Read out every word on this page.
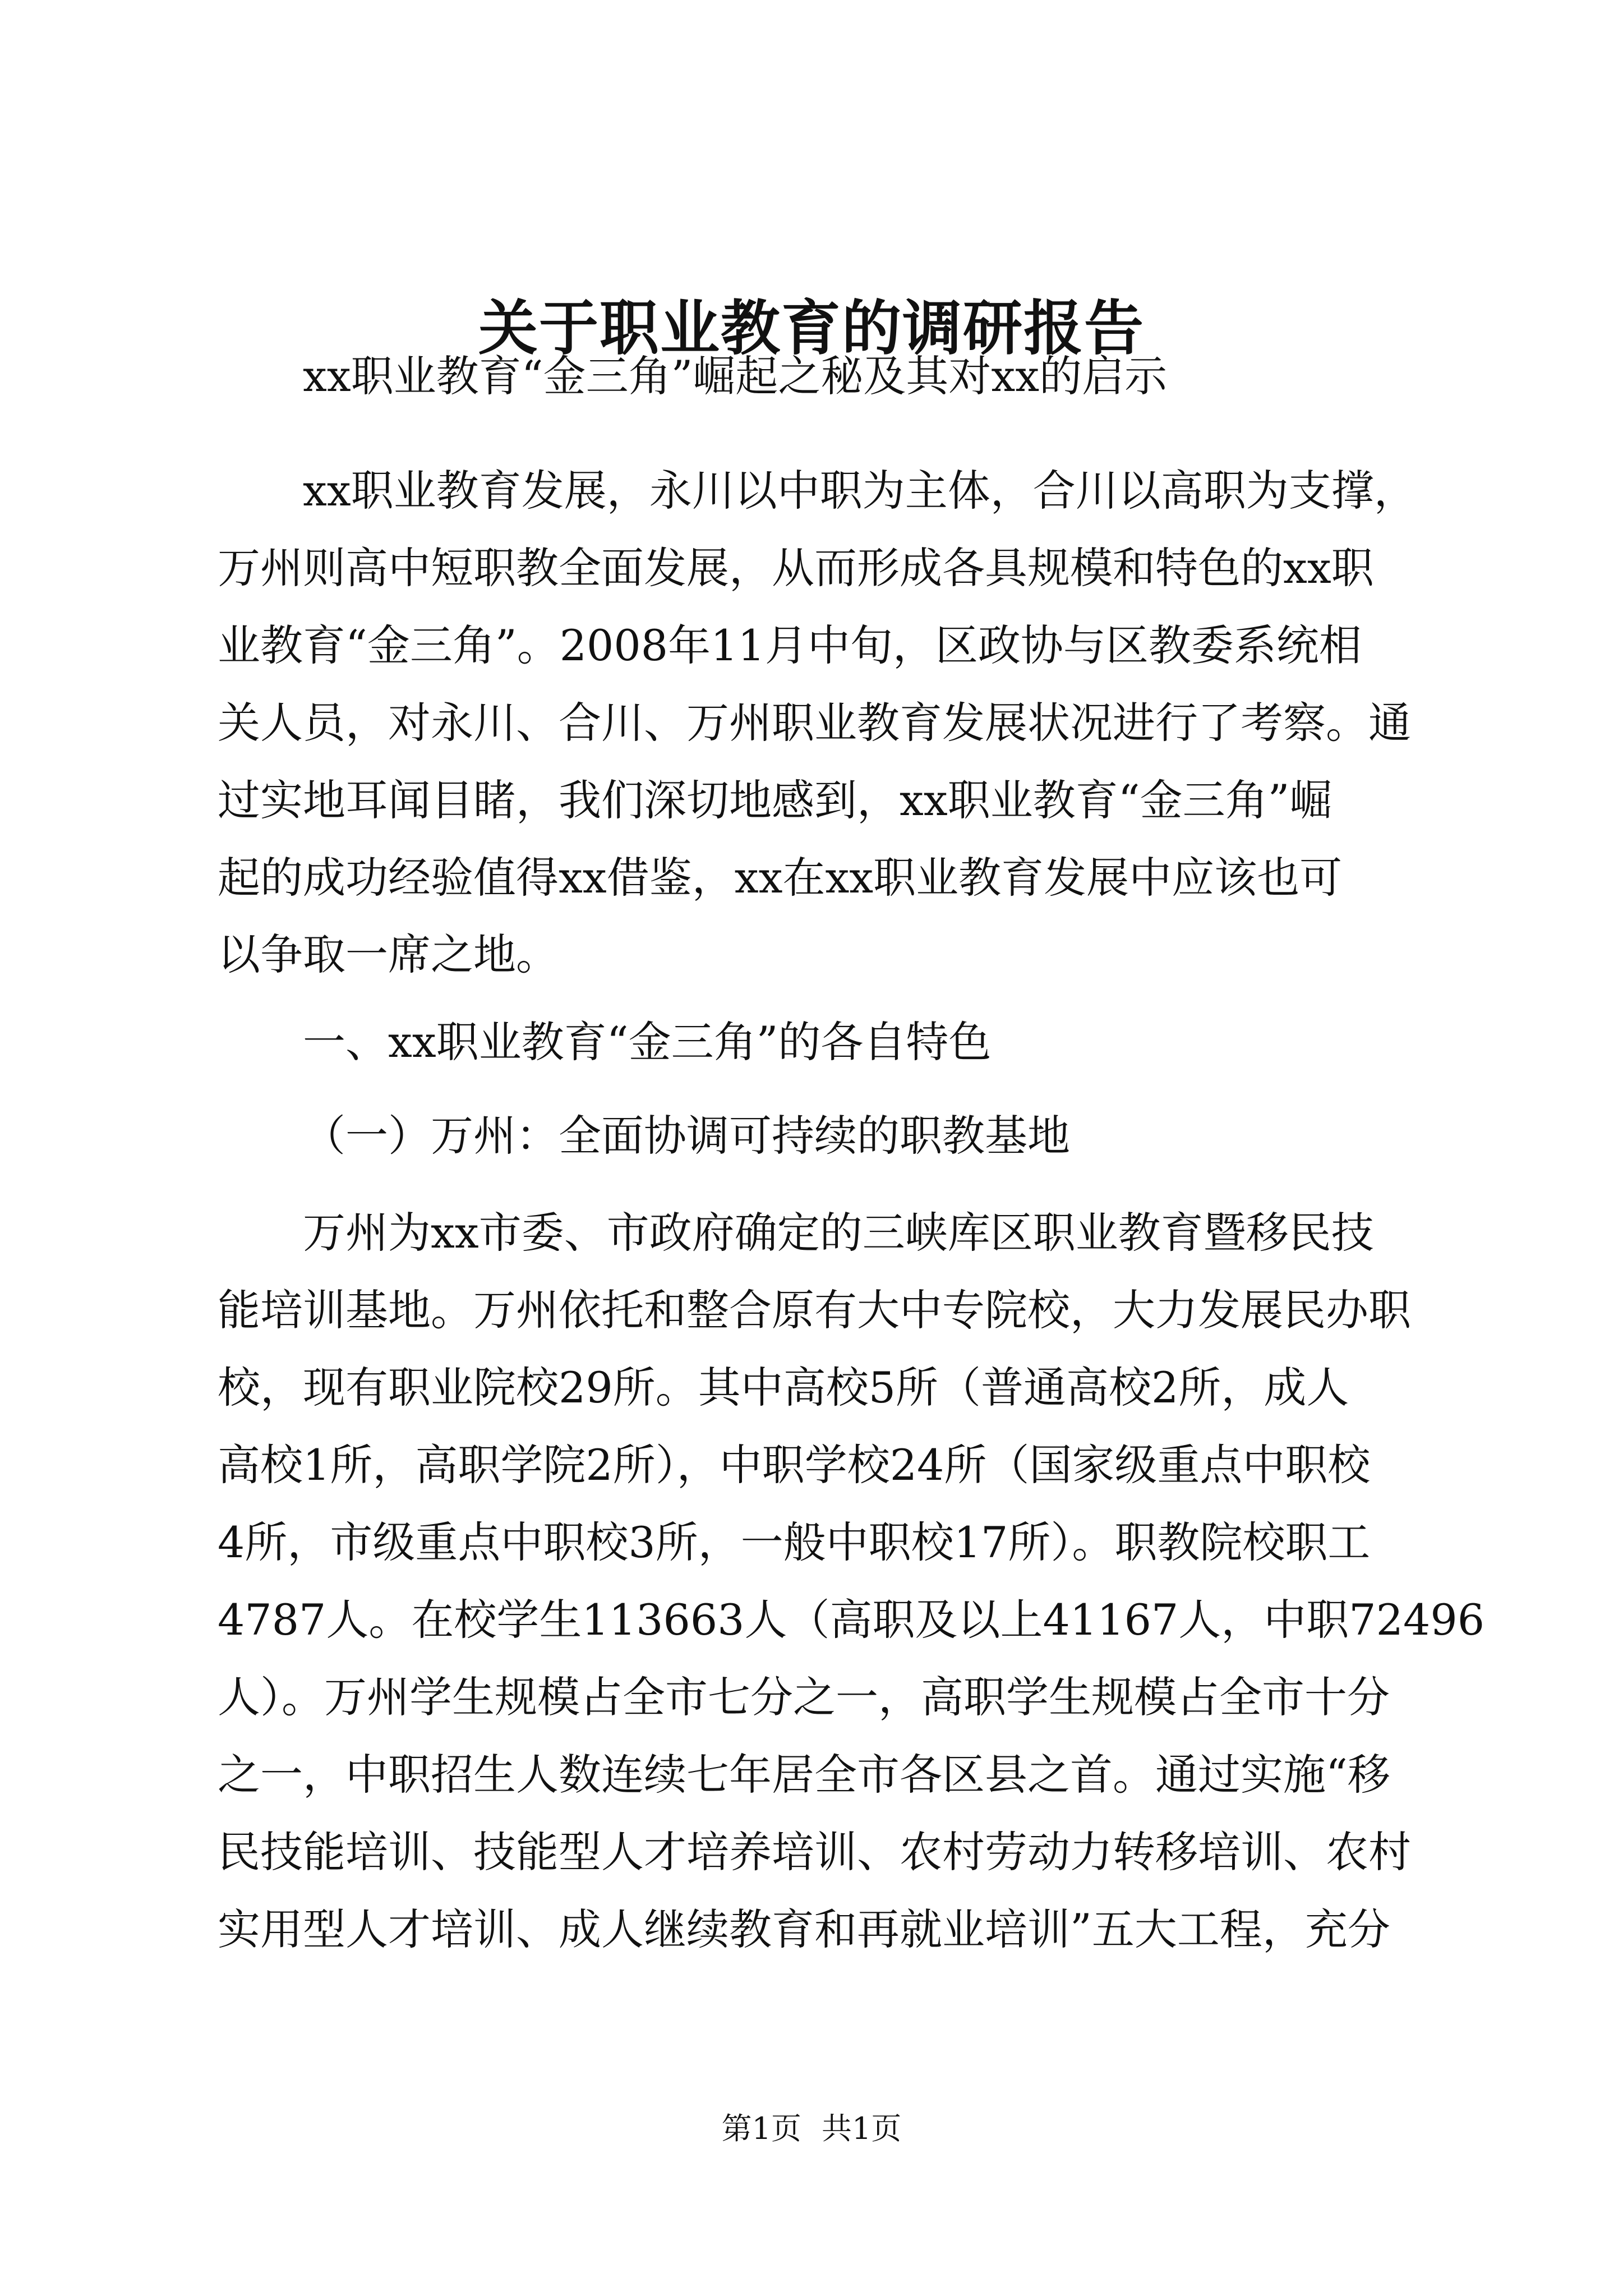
关于职业教育的调研报告

xx职业教育“金三角”崛起之秘及其对xx的启示

xx职业教育发展，永川以中职为主体，合川以高职为支撑，

万州则高中短职教全面发展，从而形成各具规模和特色的xx职

业教育“金三角”。2008年11月中旬，区政协与区教委系统相

关人员，对永川、合川、万州职业教育发展状况进行了考察。通

过实地耳闻目睹，我们深切地感到，xx职业教育“金三角”崛

起的成功经验值得xx借鉴，xx在xx职业教育发展中应该也可

以争取一席之地。

一、xx职业教育“金三角”的各自特色

（一）万州：全面协调可持续的职教基地

万州为xx市委、市政府确定的三峡库区职业教育暨移民技

能培训基地。万州依托和整合原有大中专院校，大力发展民办职

校，现有职业院校29所。其中高校5所（普通高校2所，成人

高校1所，高职学院2所），中职学校24所（国家级重点中职校

4所，市级重点中职校3所，一般中职校17所）。职教院校职工

4787人。在校学生113663人（高职及以上41167人，中职72496

人）。万州学生规模占全市七分之一，高职学生规模占全市十分

之一，中职招生人数连续七年居全市各区县之首。通过实施“移

民技能培训、技能型人才培养培训、农村劳动力转移培训、农村

实用型人才培训、成人继续教育和再就业培训”五大工程，充分

第1页 共1页
